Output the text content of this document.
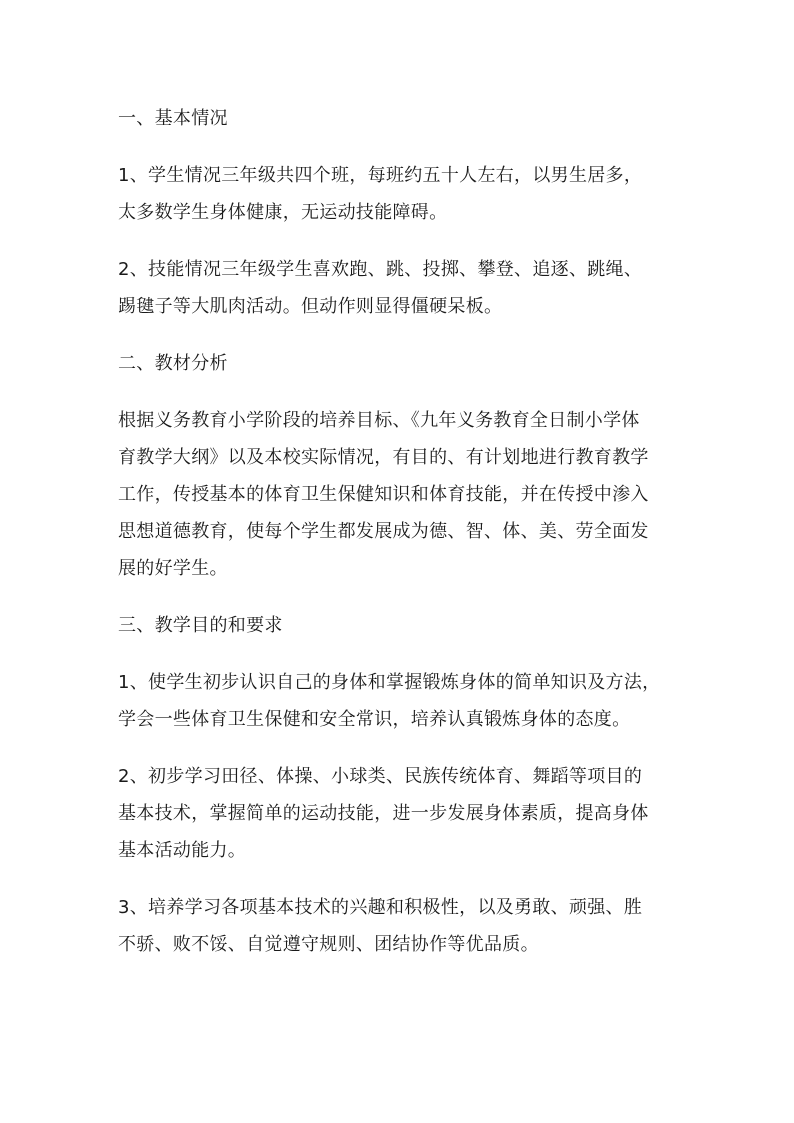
一、基本情况

1、学生情况三年级共四个班，每班约五十人左右，以男生居多，
太多数学生身体健康，无运动技能障碍。

2、技能情况三年级学生喜欢跑、跳、投掷、攀登、追逐、跳绳、
踢毽子等大肌肉活动。但动作则显得僵硬呆板。

二、教材分析

根据义务教育小学阶段的培养目标、《九年义务教育全日制小学体
育教学大纲》以及本校实际情况，有目的、有计划地进行教育教学
工作，传授基本的体育卫生保健知识和体育技能，并在传授中渗入
思想道德教育，使每个学生都发展成为德、智、体、美、劳全面发
展的好学生。

三、教学目的和要求

1、使学生初步认识自己的身体和掌握锻炼身体的简单知识及方法，
学会一些体育卫生保健和安全常识，培养认真锻炼身体的态度。

2、初步学习田径、体操、小球类、民族传统体育、舞蹈等项目的
基本技术，掌握简单的运动技能，进一步发展身体素质，提高身体
基本活动能力。

3、培养学习各项基本技术的兴趣和积极性，以及勇敢、顽强、胜
不骄、败不馁、自觉遵守规则、团结协作等优品质。
